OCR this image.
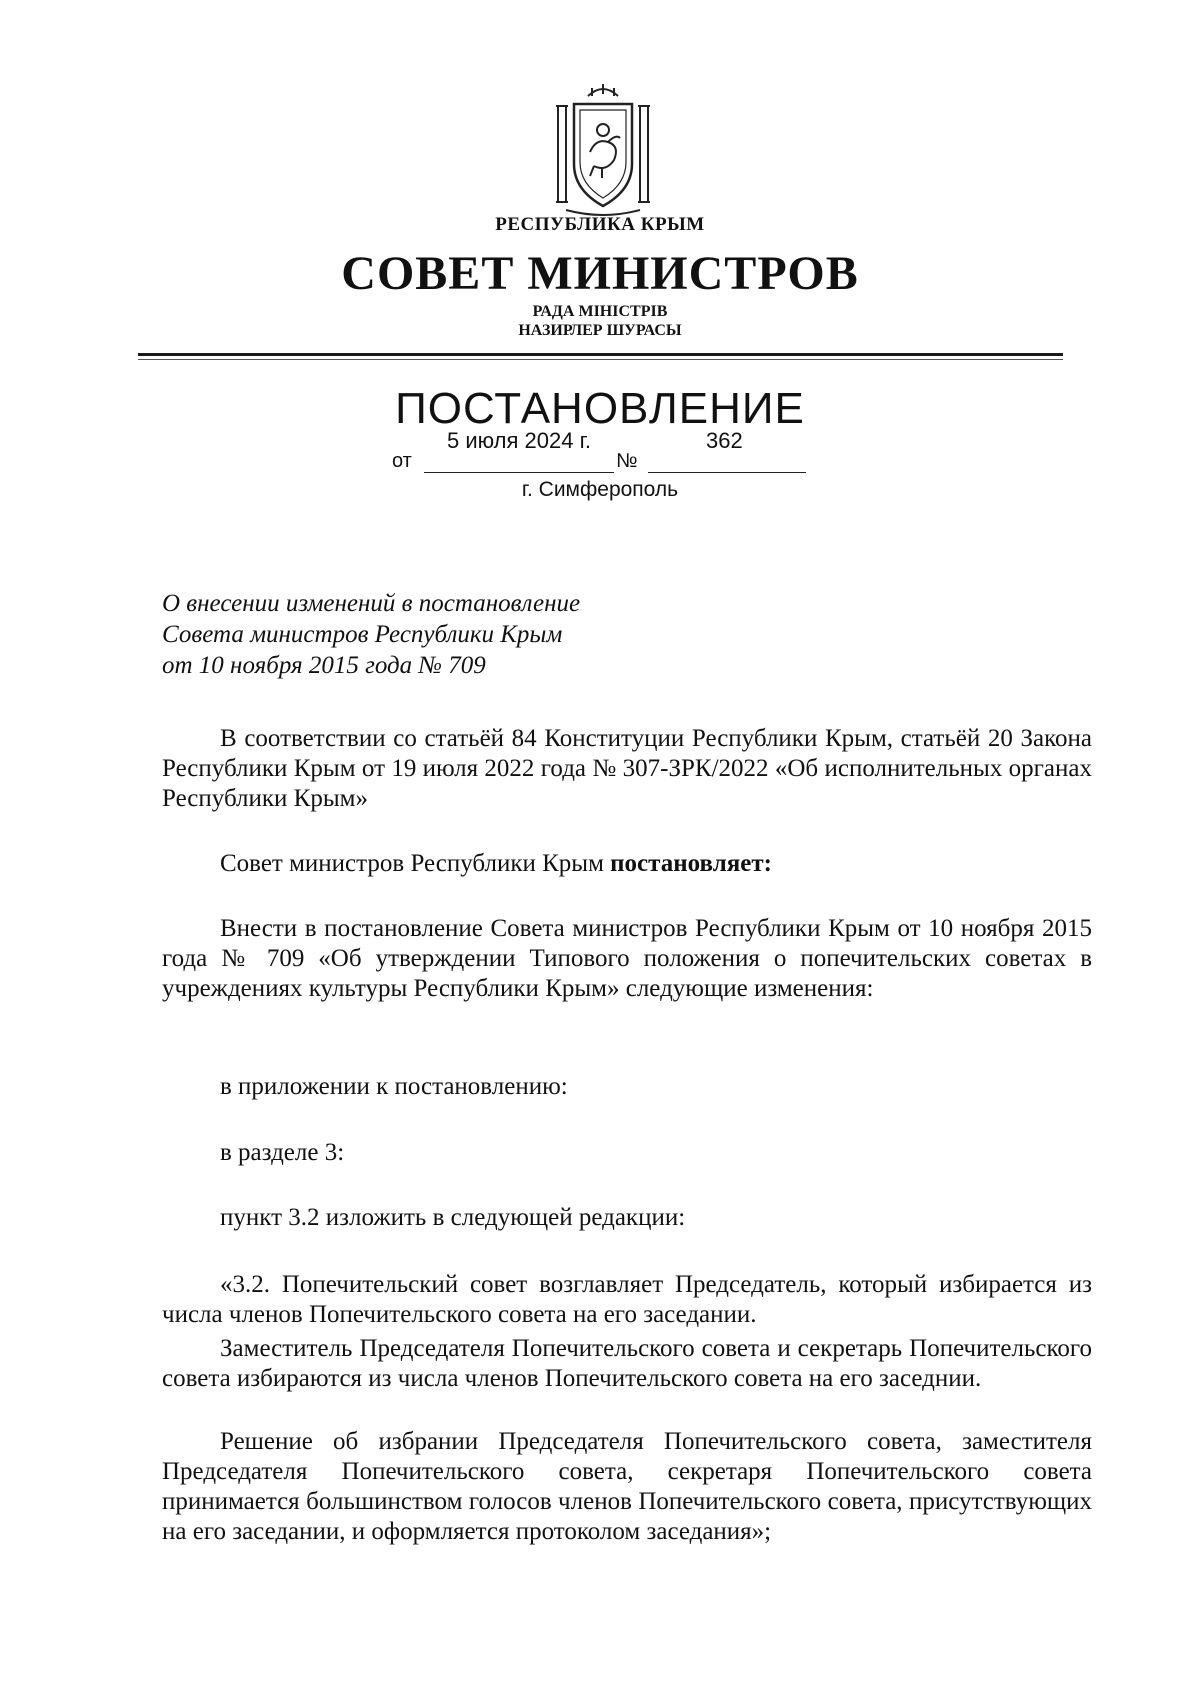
РЕСПУБЛИКА КРЫМ
СОВЕТ МИНИСТРОВ
РАДА МІНІСТРІВ
НАЗИРЛЕР ШУРАСЫ
ПОСТАНОВЛЕНИЕ
5 июля 2024 г.	362
от	№
г. Симферополь
О внесении изменений в постановление
Совета министров Республики Крым
от 10 ноября 2015 года № 709
В соответствии со статьёй 84 Конституции Республики Крым, статьёй 20 Закона Республики Крым от 19 июля 2022 года № 307-ЗРК/2022 «Об исполнительных органах Республики Крым»
Совет министров Республики Крым постановляет:
Внести в постановление Совета министров Республики Крым от 10 ноября 2015 года № 709 «Об утверждении Типового положения о попечительских советах в учреждениях культуры Республики Крым» следующие изменения:
в приложении к постановлению:
в разделе 3:
пункт 3.2 изложить в следующей редакции:
«3.2. Попечительский совет возглавляет Председатель, который избирается из числа членов Попечительского совета на его заседании.
Заместитель Председателя Попечительского совета и секретарь Попечительского совета избираются из числа членов Попечительского совета на его заседнии.
Решение об избрании Председателя Попечительского совета, заместителя Председателя Попечительского совета, секретаря Попечительского совета принимается большинством голосов членов Попечительского совета, присутствующих на его заседании, и оформляется протоколом заседания»;
